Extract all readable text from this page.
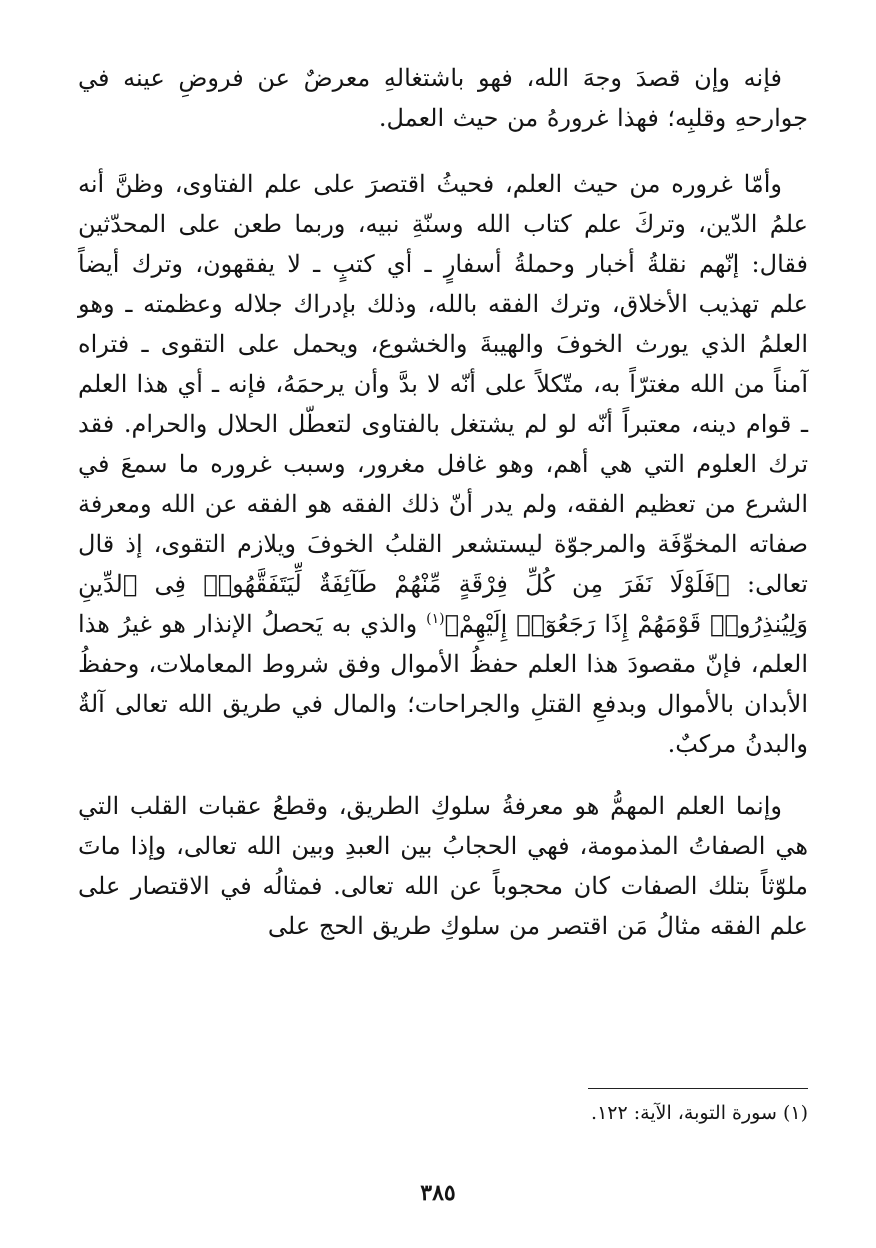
فإنه وإن قصدَ وجهَ الله، فهو باشتغالهِ معرضٌ عن فروضِ عينه في جوارحهِ وقلبِه؛ فهذا غرورهُ من حيث العمل.

وأمّا غروره من حيث العلم، فحيثُ اقتصرَ على علم الفتاوى، وظنَّ أنه علمُ الدّين، وتركَ علم كتاب الله وسنّةِ نبيه، وربما طعن على المحدّثين فقال: إنّهم نقلةُ أخبار وحملةُ أسفارٍ ـ أي كتبٍ ـ لا يفقهون، وترك أيضاً علم تهذيب الأخلاق، وترك الفقه بالله، وذلك بإدراك جلاله وعظمته ـ وهو العلمُ الذي يورث الخوفَ والهيبةَ والخشوع، ويحمل على التقوى ـ فتراه آمناً من الله مغترّاً به، متّكلاً على أنّه لا بدَّ وأن يرحمَهُ، فإنه ـ أي هذا العلم ـ قوام دينه، معتبراً أنّه لو لم يشتغل بالفتاوى لتعطّل الحلال والحرام. فقد ترك العلوم التي هي أهم، وهو غافل مغرور، وسبب غروره ما سمعَ في الشرع من تعظيم الفقه، ولم يدر أنّ ذلك الفقه هو الفقه عن الله ومعرفة صفاته المخوِّفَة والمرجوّة ليستشعر القلبُ الخوفَ ويلازم التقوى، إذ قال تعالى: ﴿فَلَوْلَا نَفَرَ مِن كُلِّ فِرْقَةٍ مِّنْهُمْ طَآئِفَةٌ لِّيَتَفَقَّهُوا۟ فِى ٱلدِّينِ وَلِيُنذِرُوا۟ قَوْمَهُمْ إِذَا رَجَعُوٓا۟ إِلَيْهِمْ﴾$^{(١)}$ والذي به يَحصلُ الإنذار هو غيرُ هذا العلم، فإنّ مقصودَ هذا العلم حفظُ الأموال وفق شروط المعاملات، وحفظُ الأبدان بالأموال وبدفعِ القتلِ والجراحات؛ والمال في طريق الله تعالى آلةٌ والبدنُ مركبٌ.

وإنما العلم المهمُّ هو معرفةُ سلوكِ الطريق، وقطعُ عقبات القلب التي هي الصفاتُ المذمومة، فهي الحجابُ بين العبدِ وبين الله تعالى، وإذا ماتَ ملوّثاً بتلك الصفات كان محجوباً عن الله تعالى. فمثالُه في الاقتصار على علم الفقه مثالُ مَن اقتصر من سلوكِ طريق الحج على

(١) سورة التوبة، الآية: ١٢٢.
٣٨٥
